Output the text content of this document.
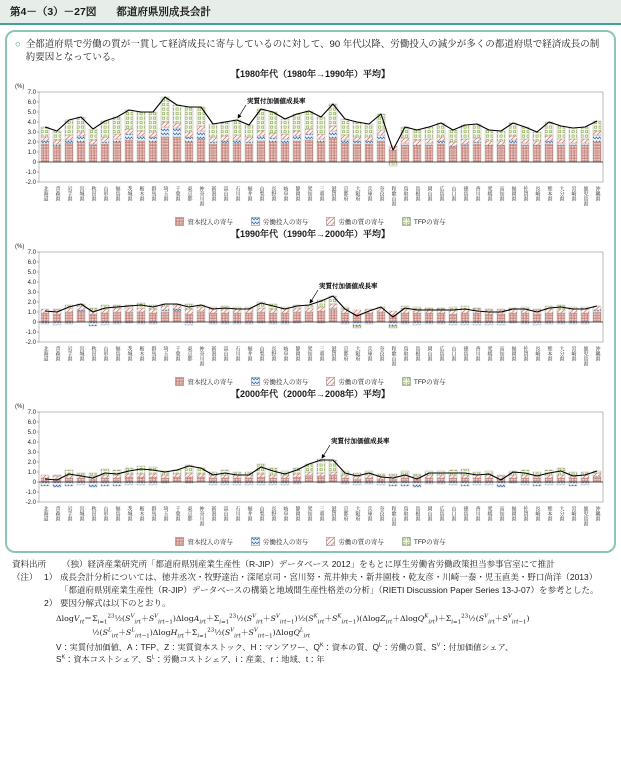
第4－（3）－27図 都道府県別成長会計

○ 全都道府県で労働の質が一貫して経済成長に寄与しているのに対して、90 年代以降、労働投入の減少が多くの都道府県で経済成長の制約要因となっている。

【1980年代（1980年→1990年）平均】
(%)
7.0
6.0
5.0
4.0
3.0
2.0
1.0
0
-1.0
-2.0
実質付加価値成長率
北海道 青森県 岩手県 宮城県 秋田県 山形県 福島県 茨城県 栃木県 群馬県 埼玉県 千葉県 東京都 神奈川県 新潟県 富山県 石川県 福井県 山梨県 長野県 岐阜県 静岡県 愛知県 三重県 滋賀県 京都府 大阪府 兵庫県 奈良県 和歌山県 鳥取県 島根県 岡山県 広島県 山口県 徳島県 香川県 愛媛県 高知県 福岡県 佐賀県 長崎県 熊本県 大分県 宮崎県 鹿児島県 沖縄県
資本投入の寄与	労働投入の寄与	労働の質の寄与	TFPの寄与
【1990年代（1990年→2000年）平均】
(%)
7.0
6.0
5.0
4.0
3.0
2.0
1.0
0
-1.0
-2.0
実質付加価値成長率
北海道 青森県 岩手県 宮城県 秋田県 山形県 福島県 茨城県 栃木県 群馬県 埼玉県 千葉県 東京都 神奈川県 新潟県 富山県 石川県 福井県 山梨県 長野県 岐阜県 静岡県 愛知県 三重県 滋賀県 京都府 大阪府 兵庫県 奈良県 和歌山県 鳥取県 島根県 岡山県 広島県 山口県 徳島県 香川県 愛媛県 高知県 福岡県 佐賀県 長崎県 熊本県 大分県 宮崎県 鹿児島県 沖縄県
資本投入の寄与	労働投入の寄与	労働の質の寄与	TFPの寄与
【2000年代（2000年→2008年）平均】
(%)
7.0
6.0
5.0
4.0
3.0
2.0
1.0
0
-1.0
-2.0
実質付加価値成長率
北海道 青森県 岩手県 宮城県 秋田県 山形県 福島県 茨城県 栃木県 群馬県 埼玉県 千葉県 東京都 神奈川県 新潟県 富山県 石川県 福井県 山梨県 長野県 岐阜県 静岡県 愛知県 三重県 滋賀県 京都府 大阪府 兵庫県 奈良県 和歌山県 鳥取県 島根県 岡山県 広島県 山口県 徳島県 香川県 愛媛県 高知県 福岡県 佐賀県 長崎県 熊本県 大分県 宮崎県 鹿児島県 沖縄県
資本投入の寄与	労働投入の寄与	労働の質の寄与	TFPの寄与
資料出所	（独）経済産業研究所「都道府県別産業生産性（R-JIP）データベース 2012」をもとに厚生労働省労働政策担当参事官室にて推計
（注） 1） 成長会計分析については、徳井丞次・牧野達治・深尾京司・宮川努・荒井伸夫・新井園枝・乾友彦・川崎一泰・児玉直美・野口尚洋（2013）「都道府県別産業生産性（R-JIP）データベースの構築と地域間生産性格差の分析」（RIETI Discussion Paper Series 13-J-07）を参考とした。
2） 要因分解式は以下のとおり。
$\Delta\log V_{rt}=\Sigma_{i=1}^{23}\frac{1}{2}(S^V_{irt}+S^V_{irt-1})\Delta\log A_{irt}+\Sigma_{i=1}^{23}\frac{1}{2}(S^V_{irt}+S^V_{irt-1})\frac{1}{2}(S^K_{irt}+S^K_{irt-1})(\Delta\log Z_{irt}+\Delta\log Q^K_{irt})+\Sigma_{i=1}^{23}\frac{1}{2}(S^V_{irt}+S^V_{irt-1})$
$\frac{1}{2}(S^L_{irt}+S^L_{irt-1})\Delta\log H_{irt}+\Sigma_{i=1}^{23}\frac{1}{2}(S^V_{irt}+S^V_{irt-1})\Delta\log Q^L_{irt}$
V：実質付加価値、A：TFP、Z：実質資本ストック、H：マンアワー、$Q^K$：資本の質、$Q^L$：労働の質、$S^V$：付加価値シェア、
$S^K$：資本コストシェア、$S^L$：労働コストシェア、i：産業、r：地域、t：年
